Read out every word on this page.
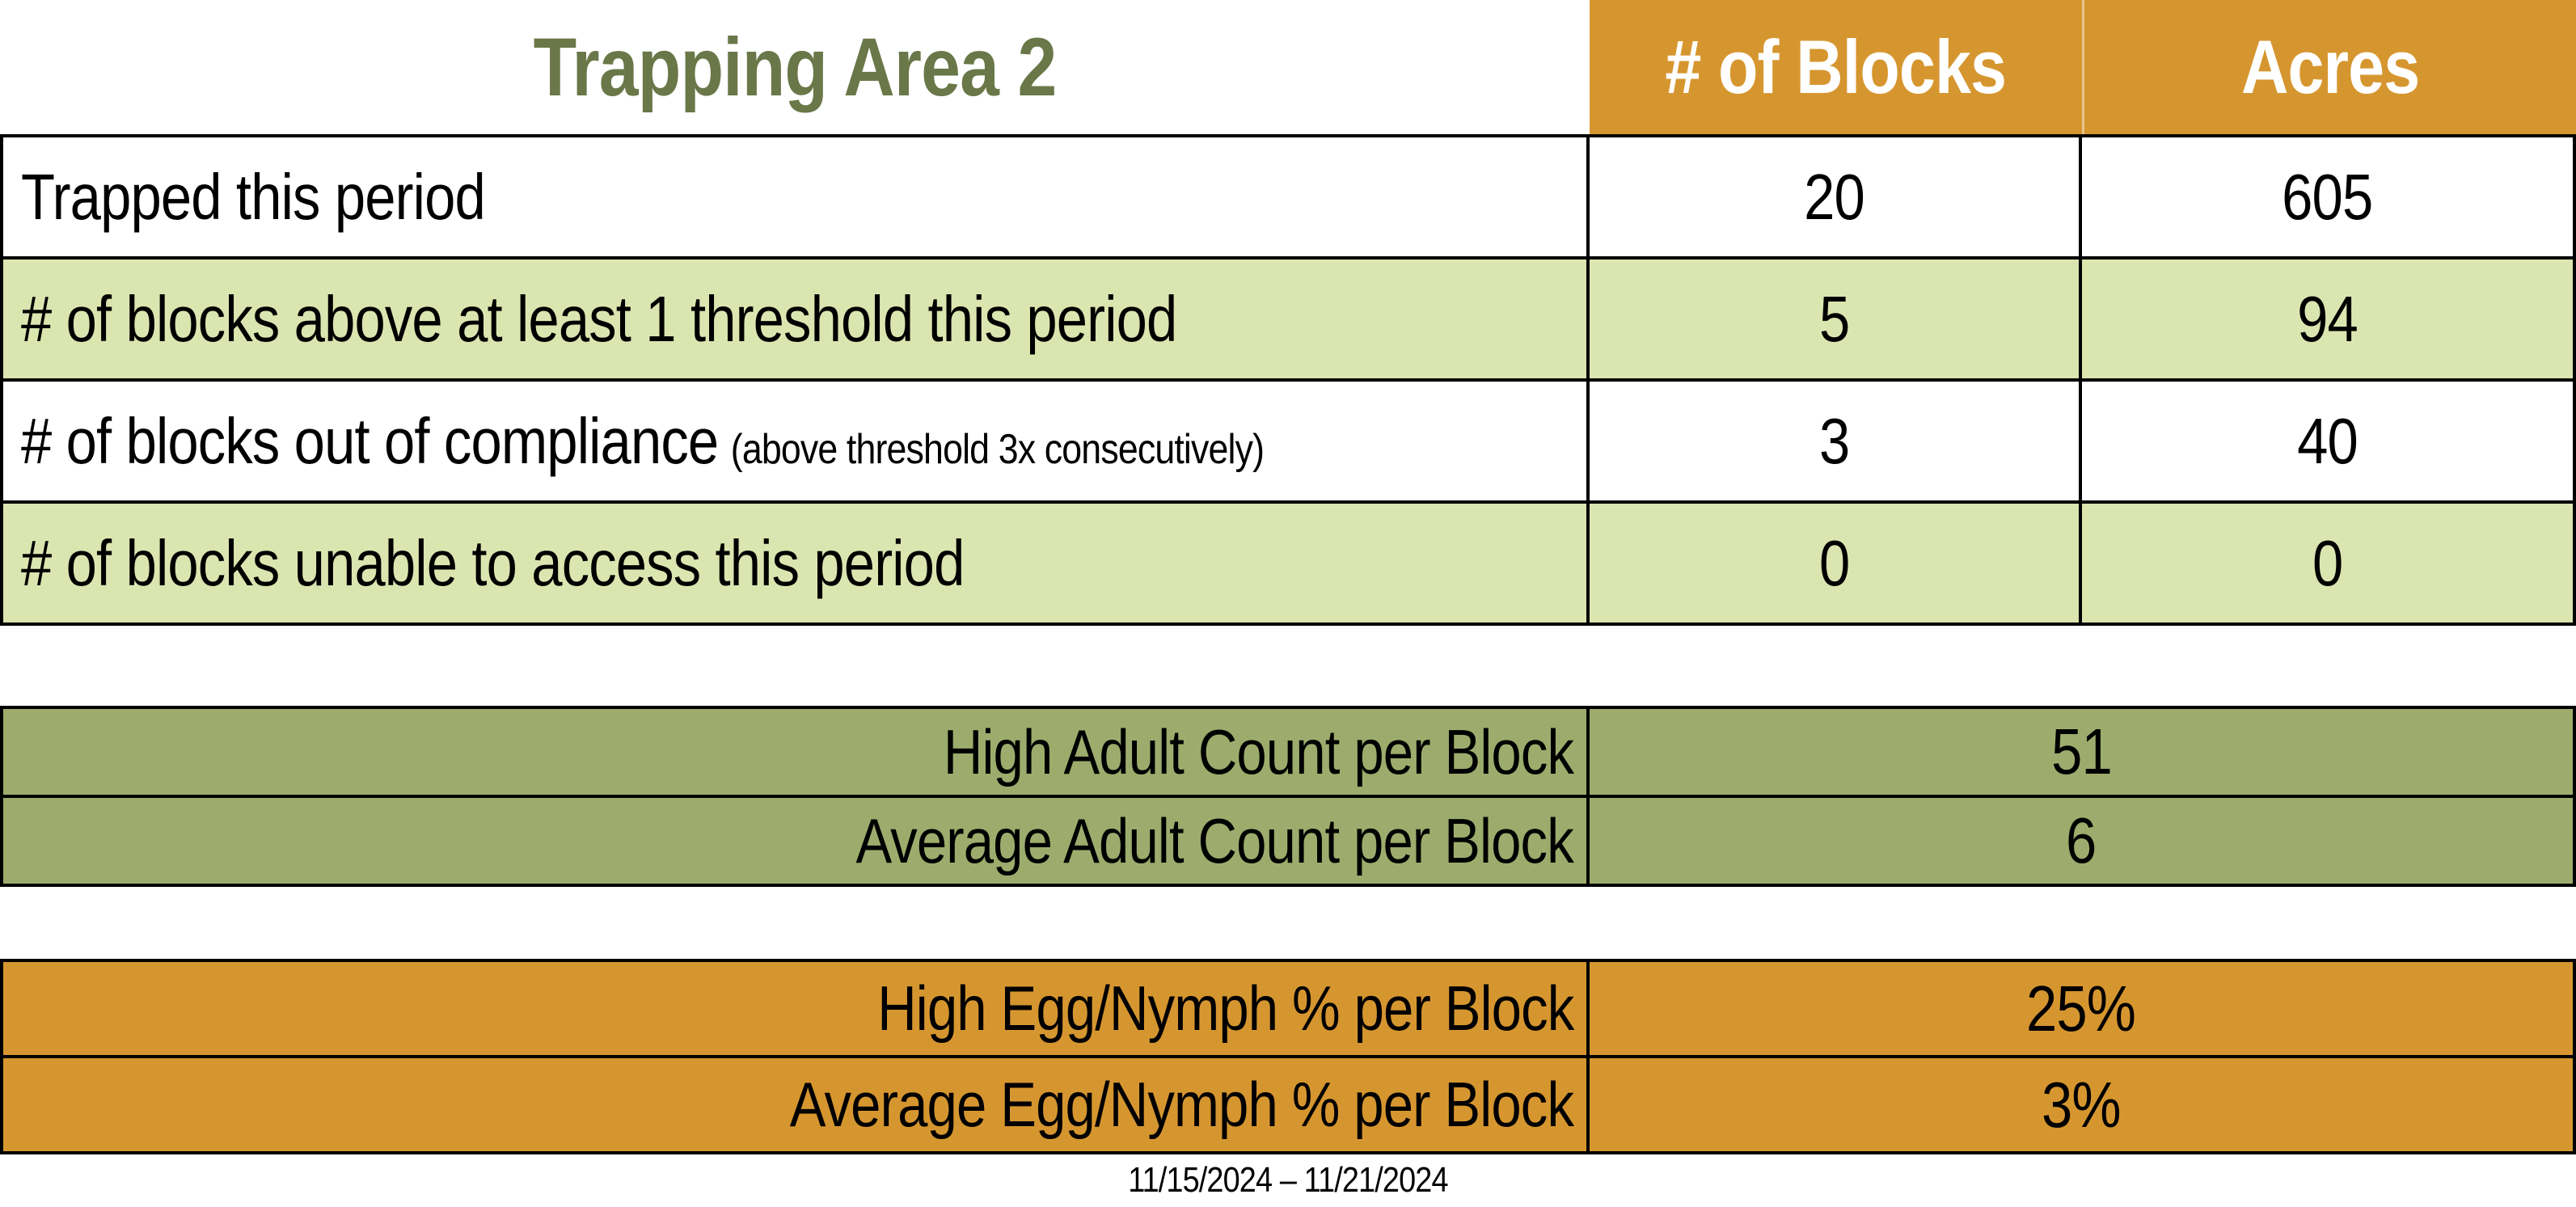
Trapping Area 2	# of Blocks	Acres
Trapped this period	20	605
# of blocks above at least 1 threshold this period	5	94
# of blocks out of compliance (above threshold 3x consecutively)	3	40
# of blocks unable to access this period	0	0
High Adult Count per Block	51
Average Adult Count per Block	6
High Egg/Nymph % per Block	25%
Average Egg/Nymph % per Block	3%
11/15/2024 – 11/21/2024
